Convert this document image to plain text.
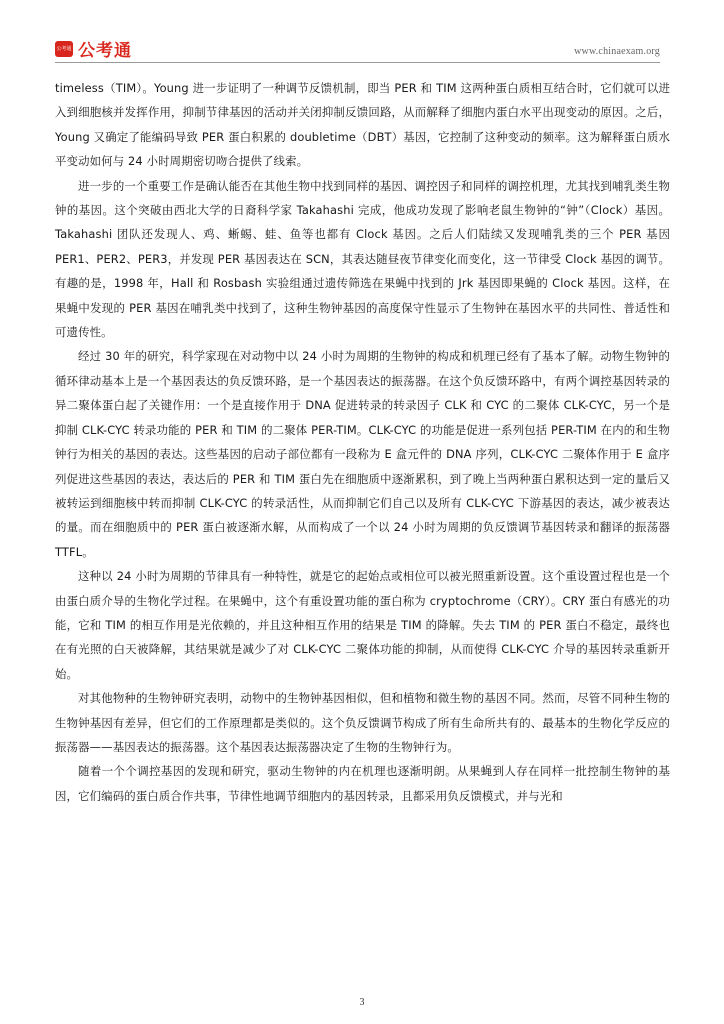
公考通 公考通	www.chinaexam.org

timeless（TIM）。Young 进一步证明了一种调节反馈机制，即当 PER 和 TIM 这两种蛋白质相互结合时，它们就可以进入到细胞核并发挥作用，抑制节律基因的活动并关闭抑制反馈回路，从而解释了细胞内蛋白水平出现变动的原因。之后，Young 又确定了能编码导致 PER 蛋白积累的 doubletime（DBT）基因，它控制了这种变动的频率。这为解释蛋白质水平变动如何与 24 小时周期密切吻合提供了线索。

进一步的一个重要工作是确认能否在其他生物中找到同样的基因、调控因子和同样的调控机理，尤其找到哺乳类生物钟的基因。这个突破由西北大学的日裔科学家 Takahashi 完成，他成功发现了影响老鼠生物钟的“钟”（Clock）基因。Takahashi 团队还发现人、鸡、蜥蜴、蛙、鱼等也都有 Clock 基因。之后人们陆续又发现哺乳类的三个 PER 基因 PER1、PER2、PER3，并发现 PER 基因表达在 SCN，其表达随昼夜节律变化而变化，这一节律受 Clock 基因的调节。有趣的是，1998 年，Hall 和 Rosbash 实验组通过遗传筛选在果蝇中找到的 Jrk 基因即果蝇的 Clock 基因。这样，在果蝇中发现的 PER 基因在哺乳类中找到了，这种生物钟基因的高度保守性显示了生物钟在基因水平的共同性、普适性和可遗传性。

经过 30 年的研究，科学家现在对动物中以 24 小时为周期的生物钟的构成和机理已经有了基本了解。动物生物钟的循环律动基本上是一个基因表达的负反馈环路，是一个基因表达的振荡器。在这个负反馈环路中，有两个调控基因转录的异二聚体蛋白起了关键作用：一个是直接作用于 DNA 促进转录的转录因子 CLK 和 CYC 的二聚体 CLK-CYC，另一个是抑制 CLK-CYC 转录功能的 PER 和 TIM 的二聚体 PER-TIM。CLK-CYC 的功能是促进一系列包括 PER-TIM 在内的和生物钟行为相关的基因的表达。这些基因的启动子部位都有一段称为 E 盒元件的 DNA 序列，CLK-CYC 二聚体作用于 E 盒序列促进这些基因的表达，表达后的 PER 和 TIM 蛋白先在细胞质中逐渐累积，到了晚上当两种蛋白累积达到一定的量后又被转运到细胞核中转而抑制 CLK-CYC 的转录活性，从而抑制它们自己以及所有 CLK-CYC 下游基因的表达，减少被表达的量。而在细胞质中的 PER 蛋白被逐渐水解，从而构成了一个以 24 小时为周期的负反馈调节基因转录和翻译的振荡器 TTFL。

这种以 24 小时为周期的节律具有一种特性，就是它的起始点或相位可以被光照重新设置。这个重设置过程也是一个由蛋白质介导的生物化学过程。在果蝇中，这个有重设置功能的蛋白称为 cryptochrome（CRY）。CRY 蛋白有感光的功能，它和 TIM 的相互作用是光依赖的，并且这种相互作用的结果是 TIM 的降解。失去 TIM 的 PER 蛋白不稳定，最终也在有光照的白天被降解，其结果就是减少了对 CLK-CYC 二聚体功能的抑制，从而使得 CLK-CYC 介导的基因转录重新开始。

对其他物种的生物钟研究表明，动物中的生物钟基因相似，但和植物和微生物的基因不同。然而，尽管不同种生物的生物钟基因有差异，但它们的工作原理都是类似的。这个负反馈调节构成了所有生命所共有的、最基本的生物化学反应的振荡器——基因表达的振荡器。这个基因表达振荡器决定了生物的生物钟行为。

随着一个个调控基因的发现和研究，驱动生物钟的内在机理也逐渐明朗。从果蝇到人存在同样一批控制生物钟的基因，它们编码的蛋白质合作共事，节律性地调节细胞内的基因转录，且都采用负反馈模式，并与光和

3
